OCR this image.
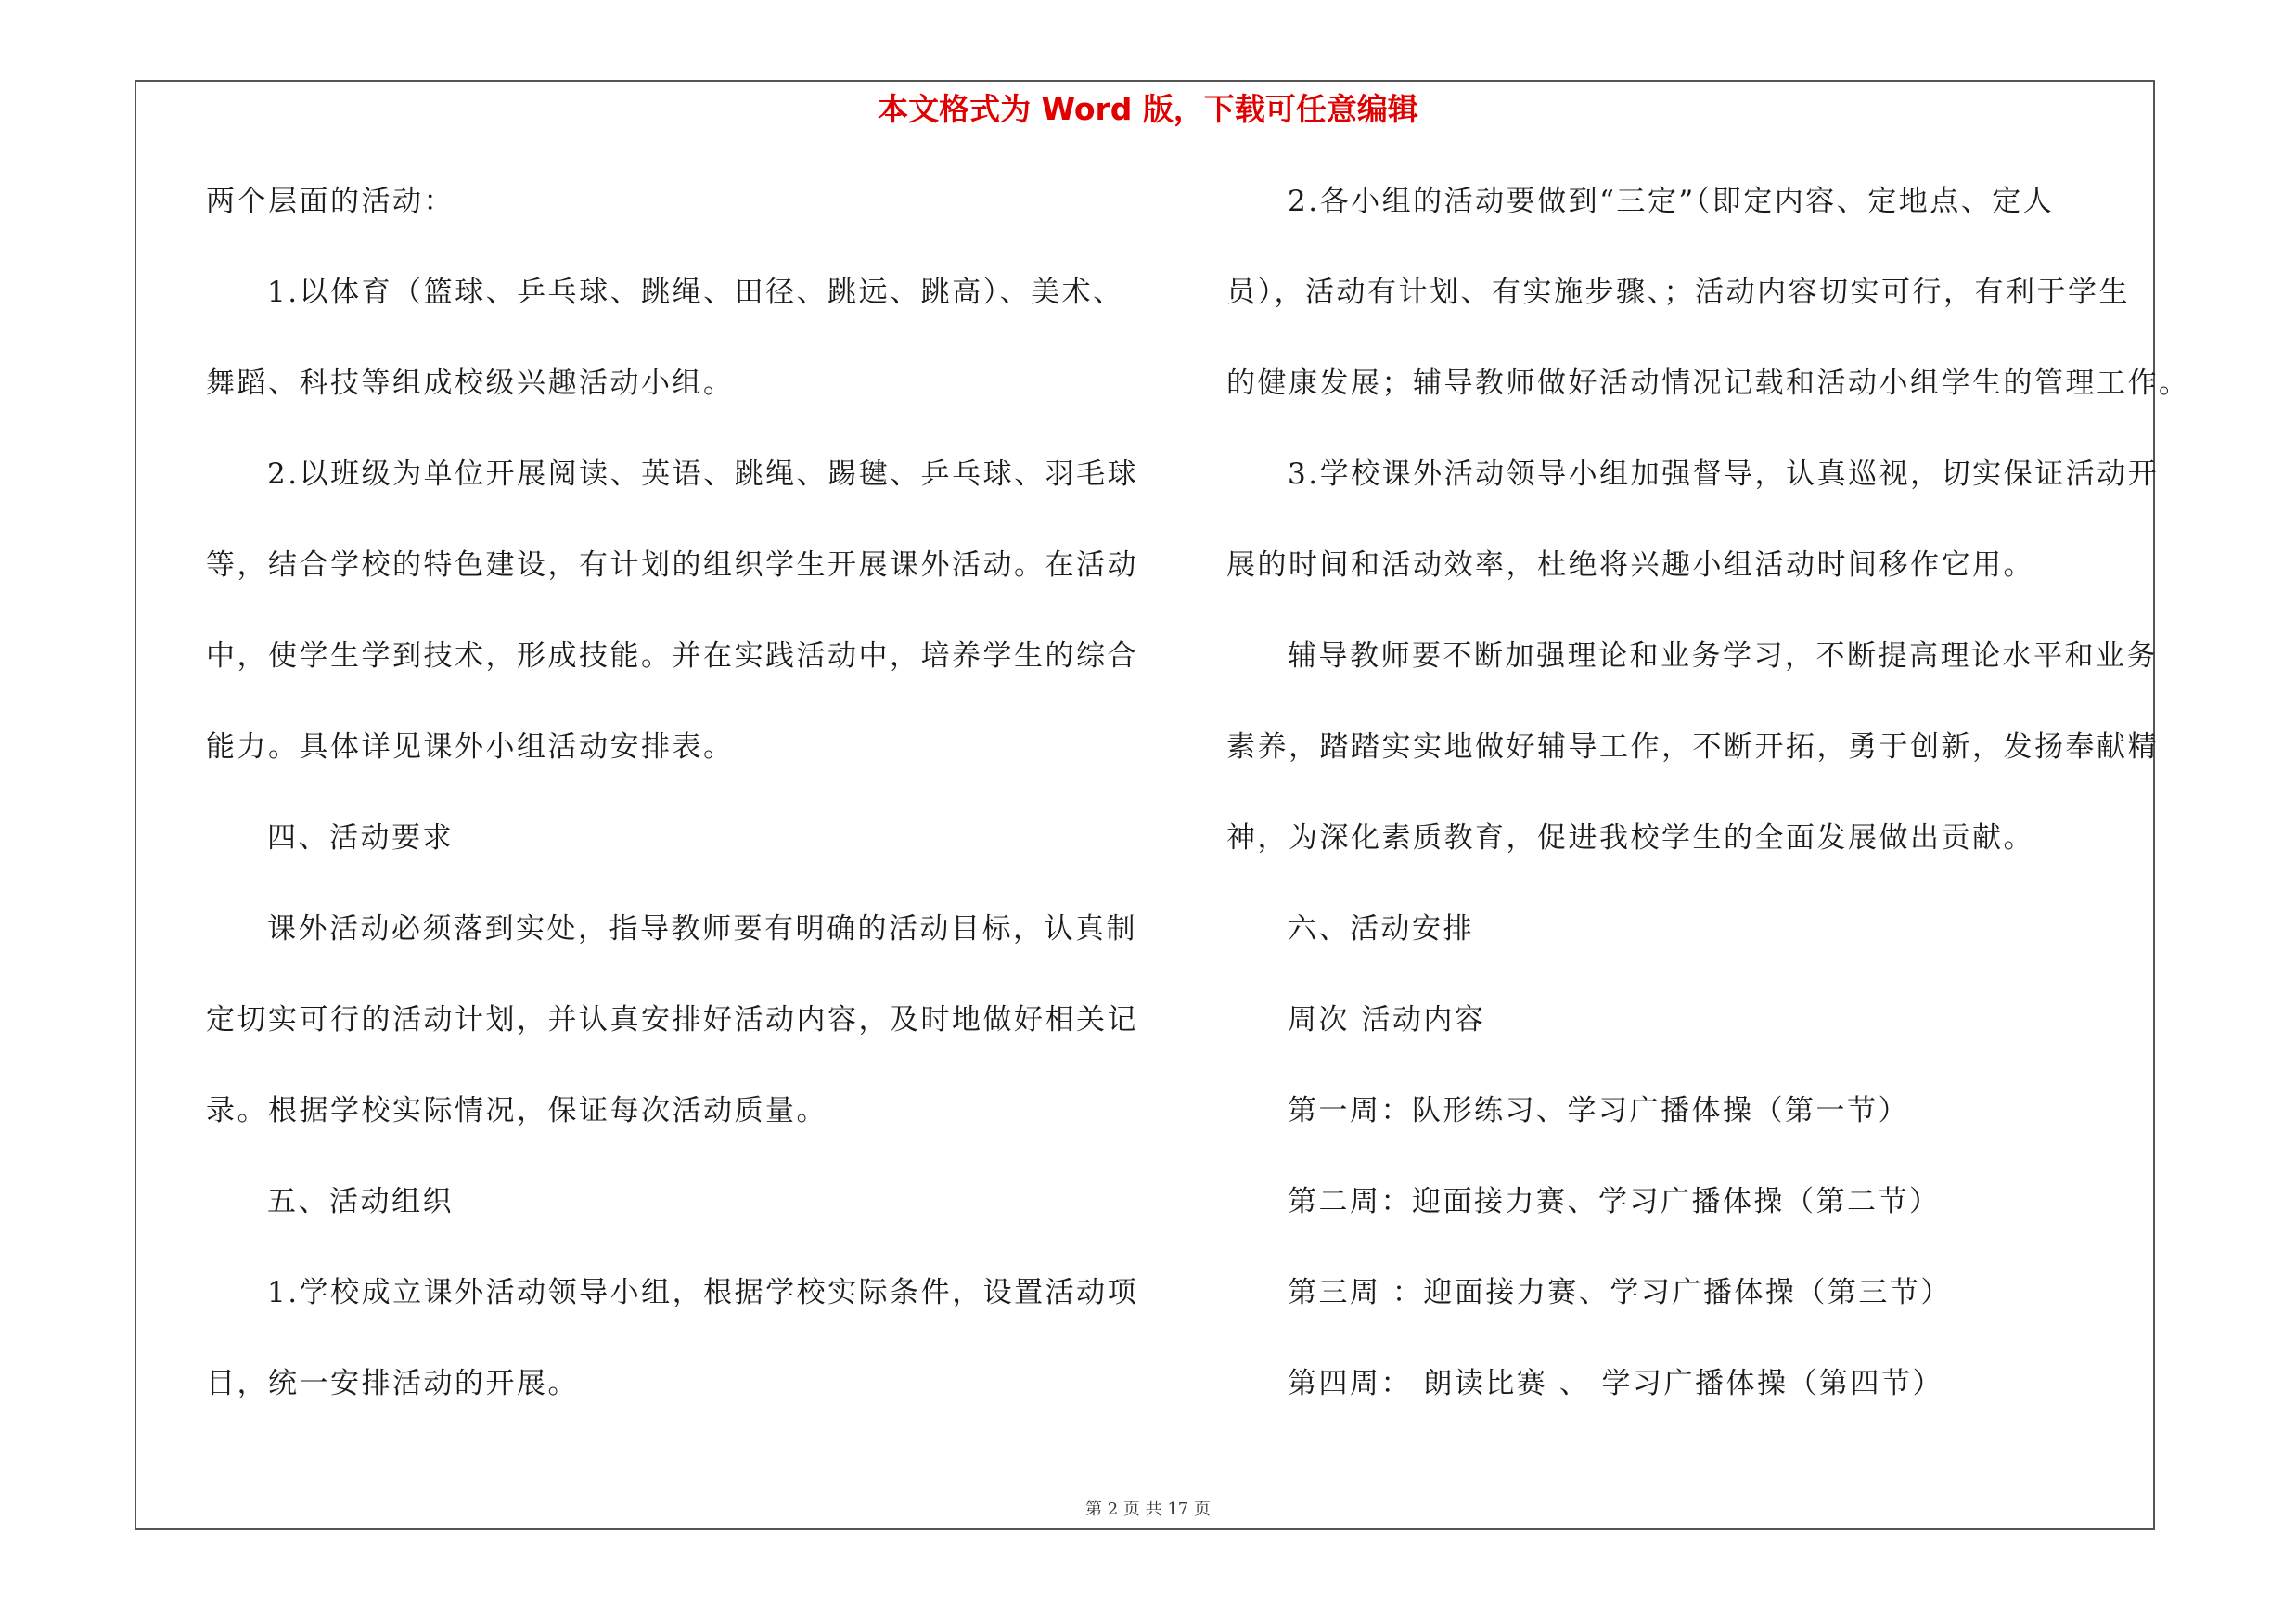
本文格式为 Word 版，下载可任意编辑
两个层面的活动：
1.以体育（篮球、乒乓球、跳绳、田径、跳远、跳高）、美术、
舞蹈、科技等组成校级兴趣活动小组。
2.以班级为单位开展阅读、英语、跳绳、踢毽、乒乓球、羽毛球
等，结合学校的特色建设，有计划的组织学生开展课外活动。在活动
中，使学生学到技术，形成技能。并在实践活动中，培养学生的综合
能力。具体详见课外小组活动安排表。
四、活动要求
课外活动必须落到实处，指导教师要有明确的活动目标，认真制
定切实可行的活动计划，并认真安排好活动内容，及时地做好相关记
录。根据学校实际情况，保证每次活动质量。
五、活动组织
1.学校成立课外活动领导小组，根据学校实际条件，设置活动项
目，统一安排活动的开展。
2.各小组的活动要做到“三定”（即定内容、定地点、定人
员），活动有计划、有实施步骤、；活动内容切实可行，有利于学生
的健康发展；辅导教师做好活动情况记载和活动小组学生的管理工作。
3.学校课外活动领导小组加强督导，认真巡视，切实保证活动开
展的时间和活动效率，杜绝将兴趣小组活动时间移作它用。
辅导教师要不断加强理论和业务学习，不断提高理论水平和业务
素养，踏踏实实地做好辅导工作，不断开拓，勇于创新，发扬奉献精
神，为深化素质教育，促进我校学生的全面发展做出贡献。
六、活动安排
周次 活动内容
第一周：队形练习、学习广播体操（第一节）
第二周：迎面接力赛、学习广播体操（第二节）
第三周 ：迎面接力赛、学习广播体操（第三节）
第四周： 朗读比赛 、 学习广播体操（第四节）
第 2 页 共 17 页
